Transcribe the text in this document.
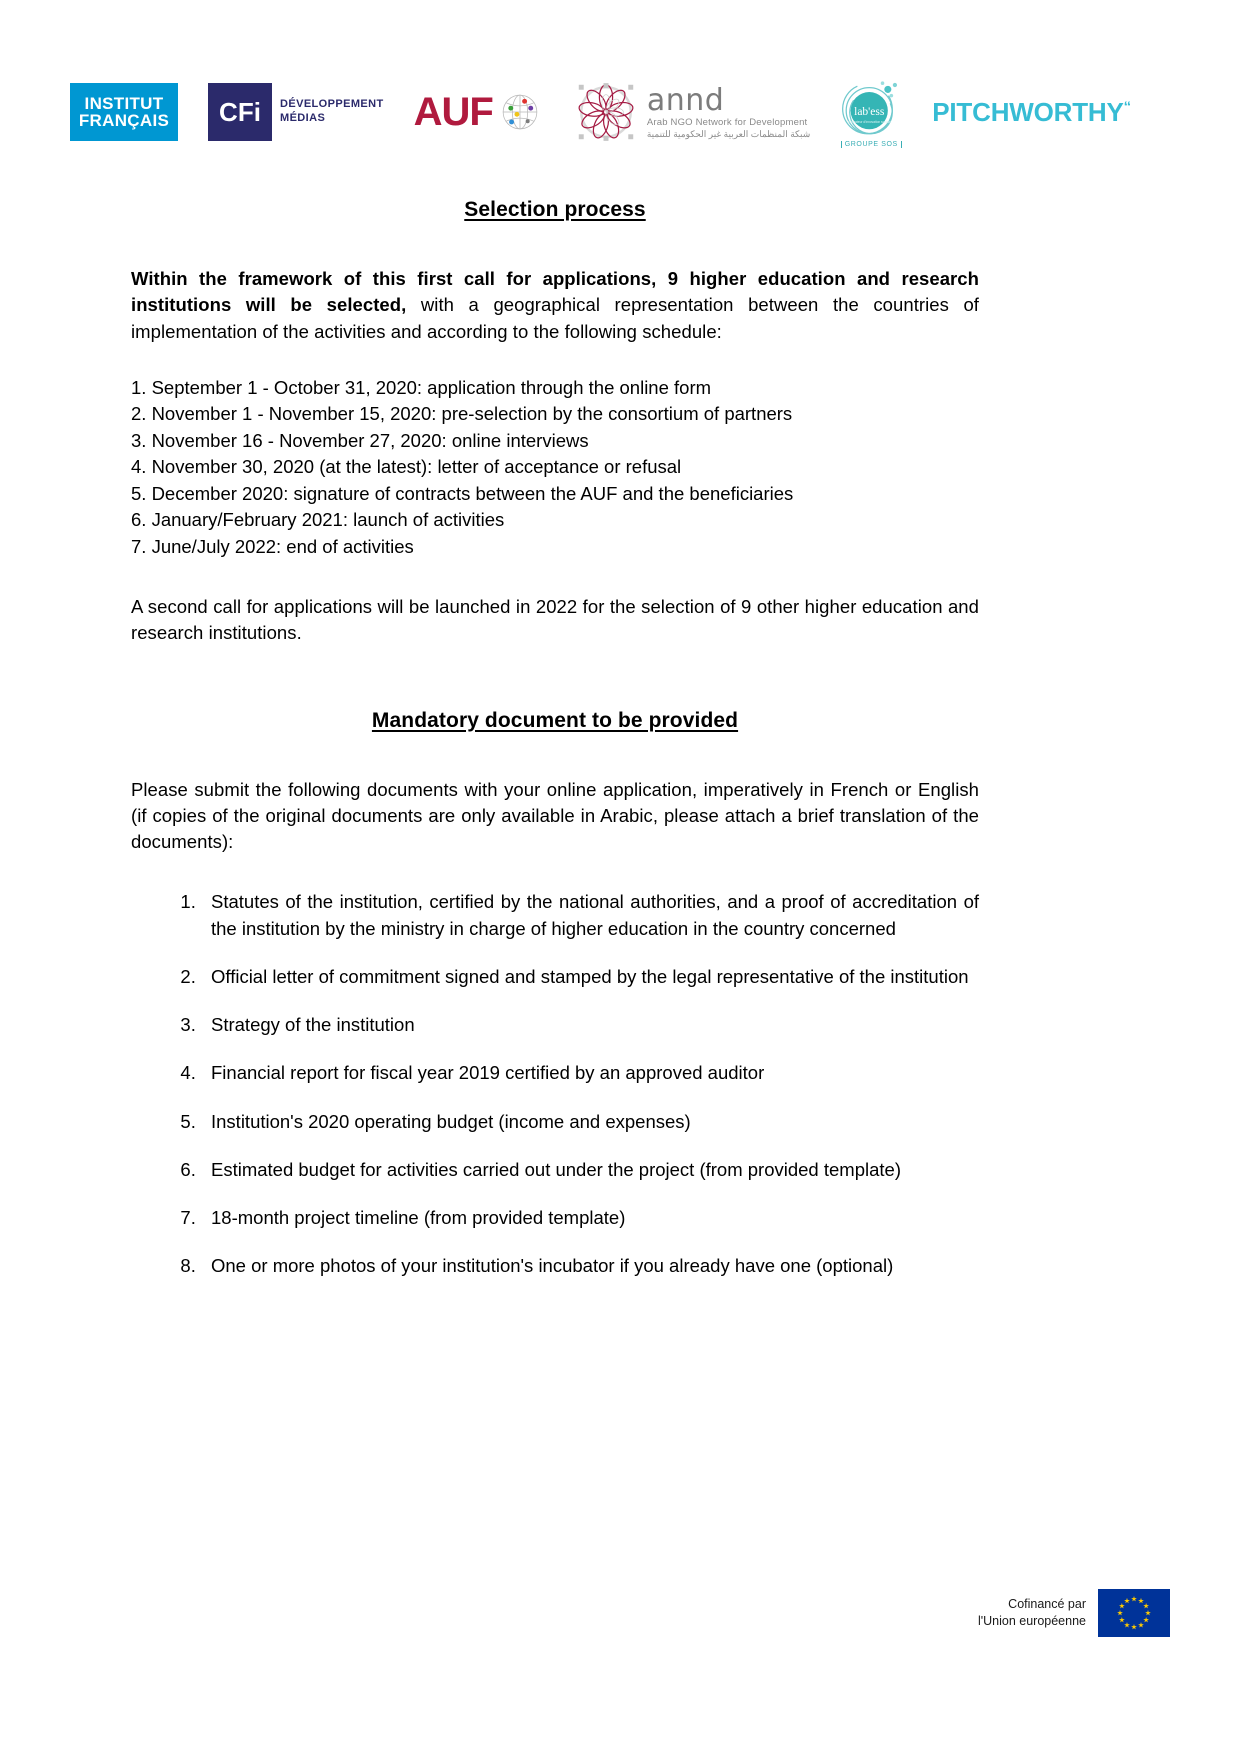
INSTITUT
FRANÇAIS	CFi	DÉVELOPPEMENT
MÉDIAS	AUF	annd
Arab NGO Network for Development
شبكة المنظمات العربية غير الحكومية للتنمية
lab'ess
incubateur d'innovation sociale
GROUPE SOS
PITCHWORTHY“
Selection process

Within the framework of this first call for applications, 9 higher education and research institutions will be selected, with a geographical representation between the countries of implementation of the activities and according to the following schedule:

1. September 1 - October 31, 2020: application through the online form
2. November 1 - November 15, 2020: pre-selection by the consortium of partners
3. November 16 - November 27, 2020: online interviews
4. November 30, 2020 (at the latest): letter of acceptance or refusal
5. December 2020: signature of contracts between the AUF and the beneficiaries
6. January/February 2021: launch of activities
7. June/July 2022: end of activities

A second call for applications will be launched in 2022 for the selection of 9 other higher education and research institutions.

Mandatory document to be provided

Please submit the following documents with your online application, imperatively in French or English (if copies of the original documents are only available in Arabic, please attach a brief translation of the documents):

1. Statutes of the institution, certified by the national authorities, and a proof of accreditation of the institution by the ministry in charge of higher education in the country concerned
2. Official letter of commitment signed and stamped by the legal representative of the institution
3. Strategy of the institution
4. Financial report for fiscal year 2019 certified by an approved auditor
5. Institution's 2020 operating budget (income and expenses)
6. Estimated budget for activities carried out under the project (from provided template)
7. 18-month project timeline (from provided template)
8. One or more photos of your institution's incubator if you already have one (optional)
Cofinancé par
l'Union européenne
